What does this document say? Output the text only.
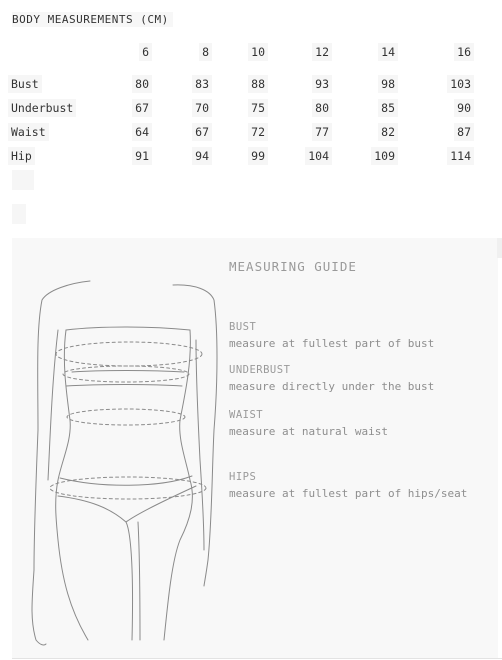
BODY MEASUREMENTS (CM)
	6	8	10	12	14	16

Bust	80	83	88	93	98	103
Underbust	67	70	75	80	85	90
Waist	64	67	72	77	82	87
Hip	91	94	99	104	109	114
MEASURING GUIDE
BUST
measure at fullest part of bust
UNDERBUST
measure directly under the bust
WAIST
measure at natural waist
HIPS
measure at fullest part of hips/seat
